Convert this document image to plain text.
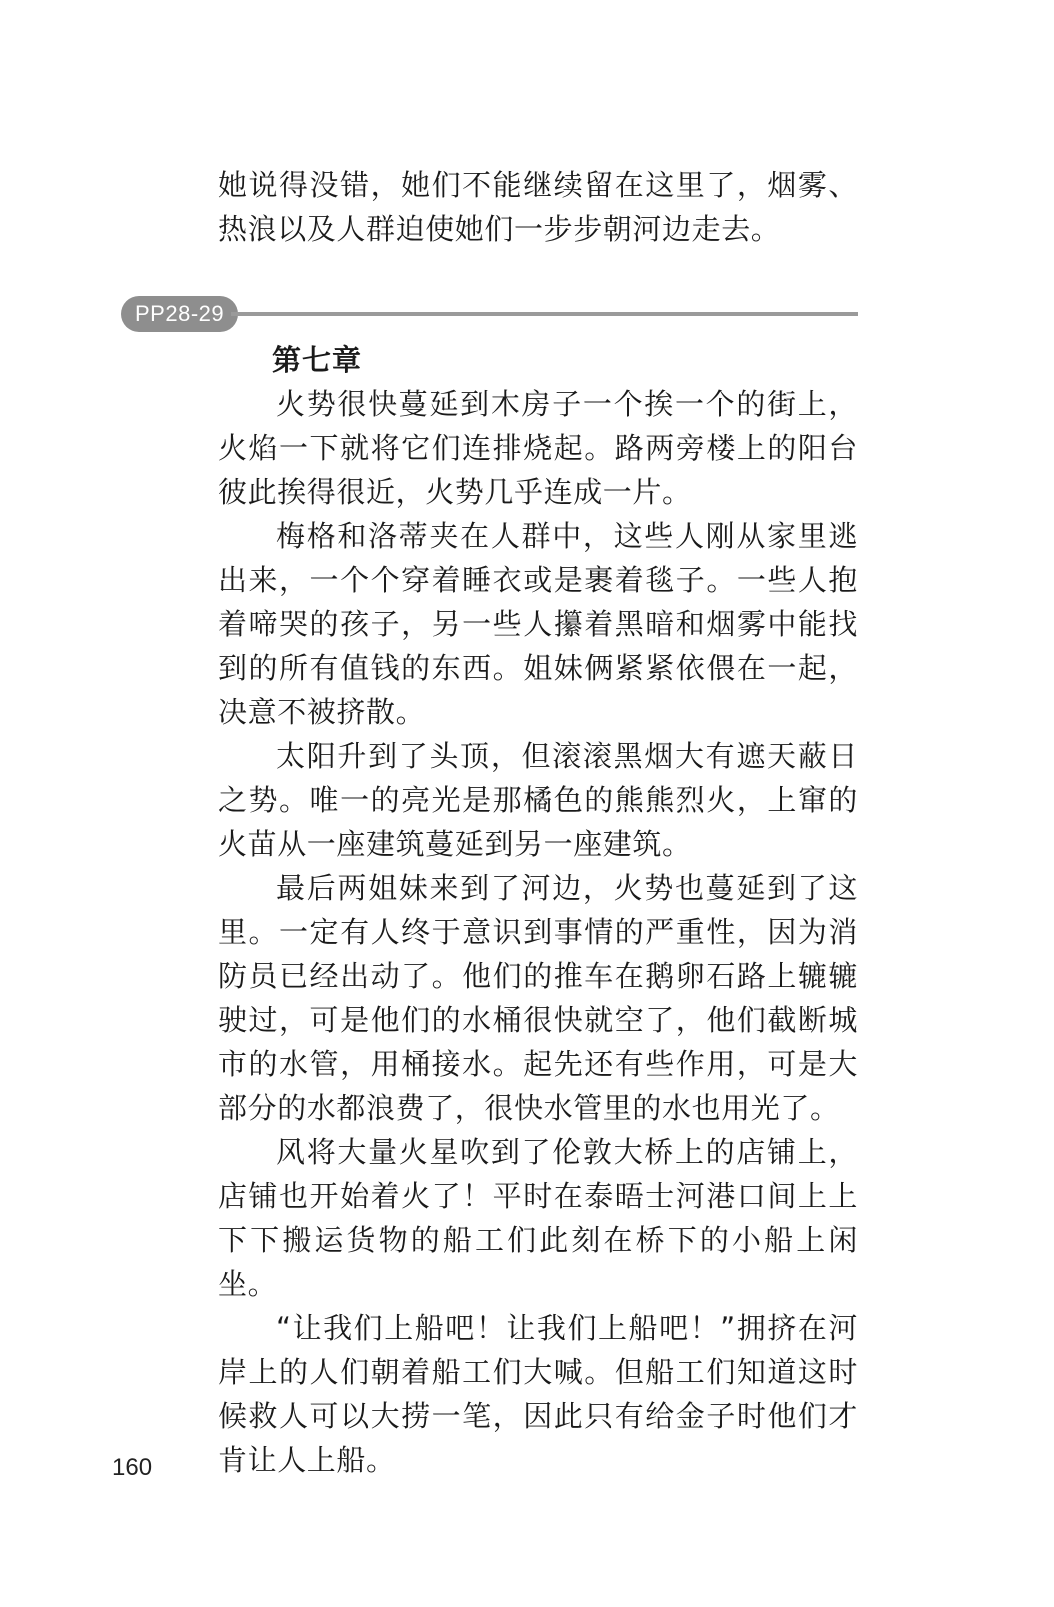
她说得没错，她们不能继续留在这里了，烟雾、热浪以及人群迫使她们一步步朝河边走去。

PP28-29
第七章

火势很快蔓延到木房子一个挨一个的街上，火焰一下就将它们连排烧起。路两旁楼上的阳台彼此挨得很近，火势几乎连成一片。

梅格和洛蒂夹在人群中，这些人刚从家里逃出来，一个个穿着睡衣或是裹着毯子。一些人抱着啼哭的孩子，另一些人攥着黑暗和烟雾中能找到的所有值钱的东西。姐妹俩紧紧依偎在一起，决意不被挤散。

太阳升到了头顶，但滚滚黑烟大有遮天蔽日之势。唯一的亮光是那橘色的熊熊烈火，上窜的火苗从一座建筑蔓延到另一座建筑。

最后两姐妹来到了河边，火势也蔓延到了这里。一定有人终于意识到事情的严重性，因为消防员已经出动了。他们的推车在鹅卵石路上辘辘驶过，可是他们的水桶很快就空了，他们截断城市的水管，用桶接水。起先还有些作用，可是大部分的水都浪费了，很快水管里的水也用光了。

风将大量火星吹到了伦敦大桥上的店铺上，店铺也开始着火了！平时在泰晤士河港口间上上下下搬运货物的船工们此刻在桥下的小船上闲坐。

“让我们上船吧！让我们上船吧！”拥挤在河岸上的人们朝着船工们大喊。但船工们知道这时候救人可以大捞一笔，因此只有给金子时他们才肯让人上船。

160
